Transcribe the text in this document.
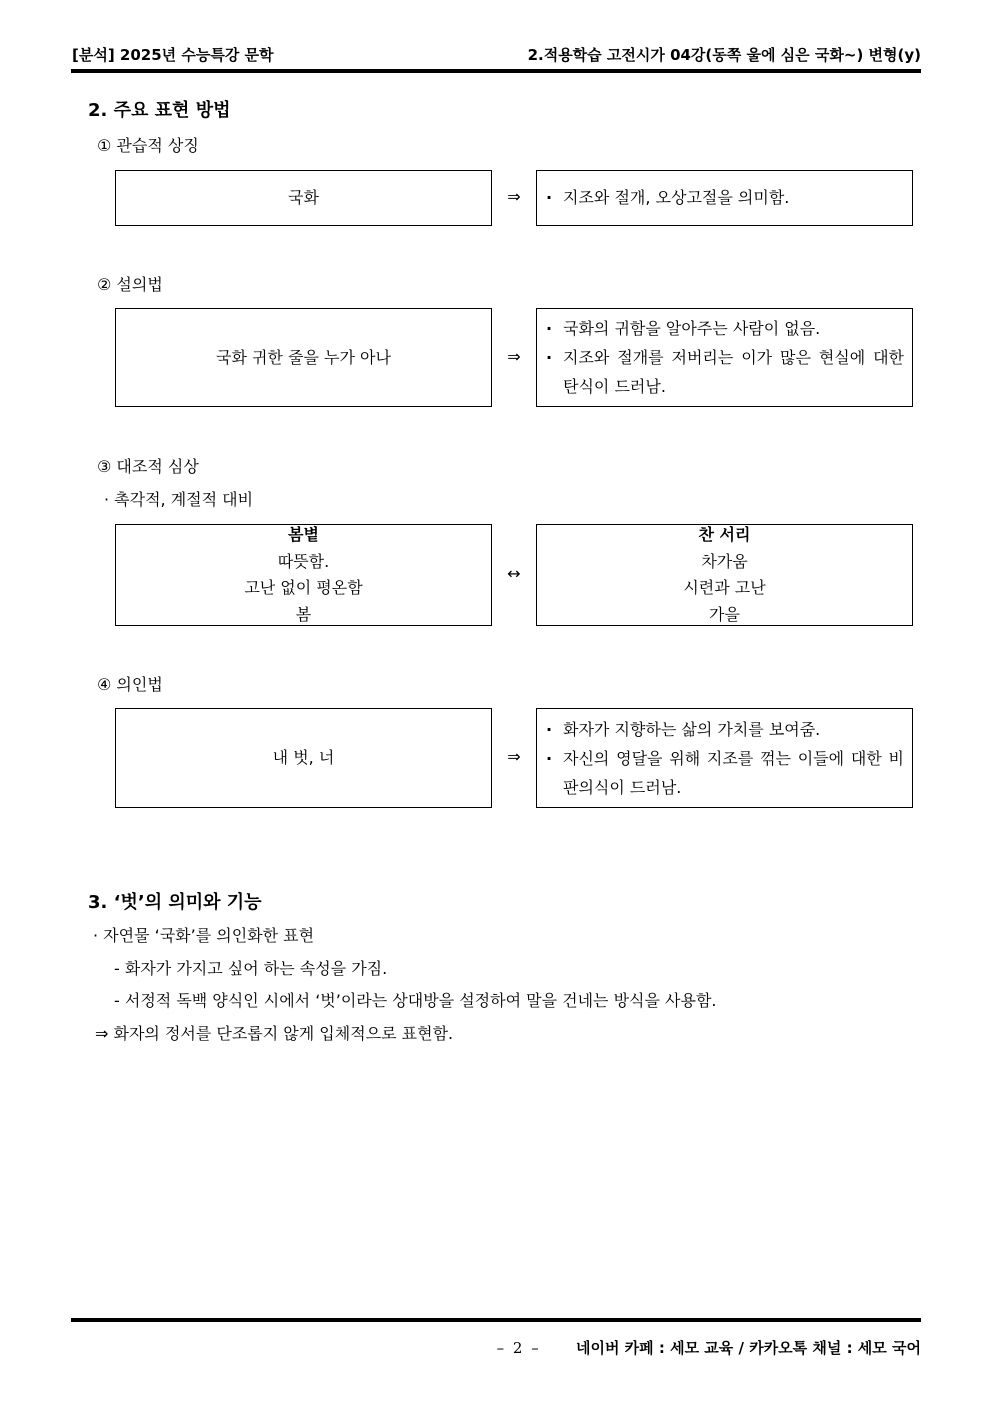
[분석] 2025년 수능특강 문학	2.적용학습 고전시가 04강(동쪽 울에 심은 국화~) 변형(y)
2. 주요 표현 방법
① 관습적 상징
국화	⇒
·	지조와 절개, 오상고절을 의미함.
② 설의법
국화 귀한 줄을 누가 아나	⇒
· 국화의 귀함을 알아주는 사람이 없음.
· 지조와 절개를 저버리는 이가 많은 현실에 대한 탄식이 드러남.
③ 대조적 심상
· 촉각적, 계절적 대비
봄볕
따뜻함.
고난 없이 평온함
봄
↔
찬 서리
차가움
시련과 고난
가을
④ 의인법
내 벗, 너	⇒
· 화자가 지향하는 삶의 가치를 보여줌.
· 자신의 영달을 위해 지조를 꺾는 이들에 대한 비판의식이 드러남.
3. ‘벗’의 의미와 기능
· 자연물 ‘국화’를 의인화한 표현
- 화자가 가지고 싶어 하는 속성을 가짐.
- 서정적 독백 양식인 시에서 ‘벗’이라는 상대방을 설정하여 말을 건네는 방식을 사용함.
⇒ 화자의 정서를 단조롭지 않게 입체적으로 표현함.
– 2 – 네이버 카페 : 세모 교육 / 카카오톡 채널 : 세모 국어
